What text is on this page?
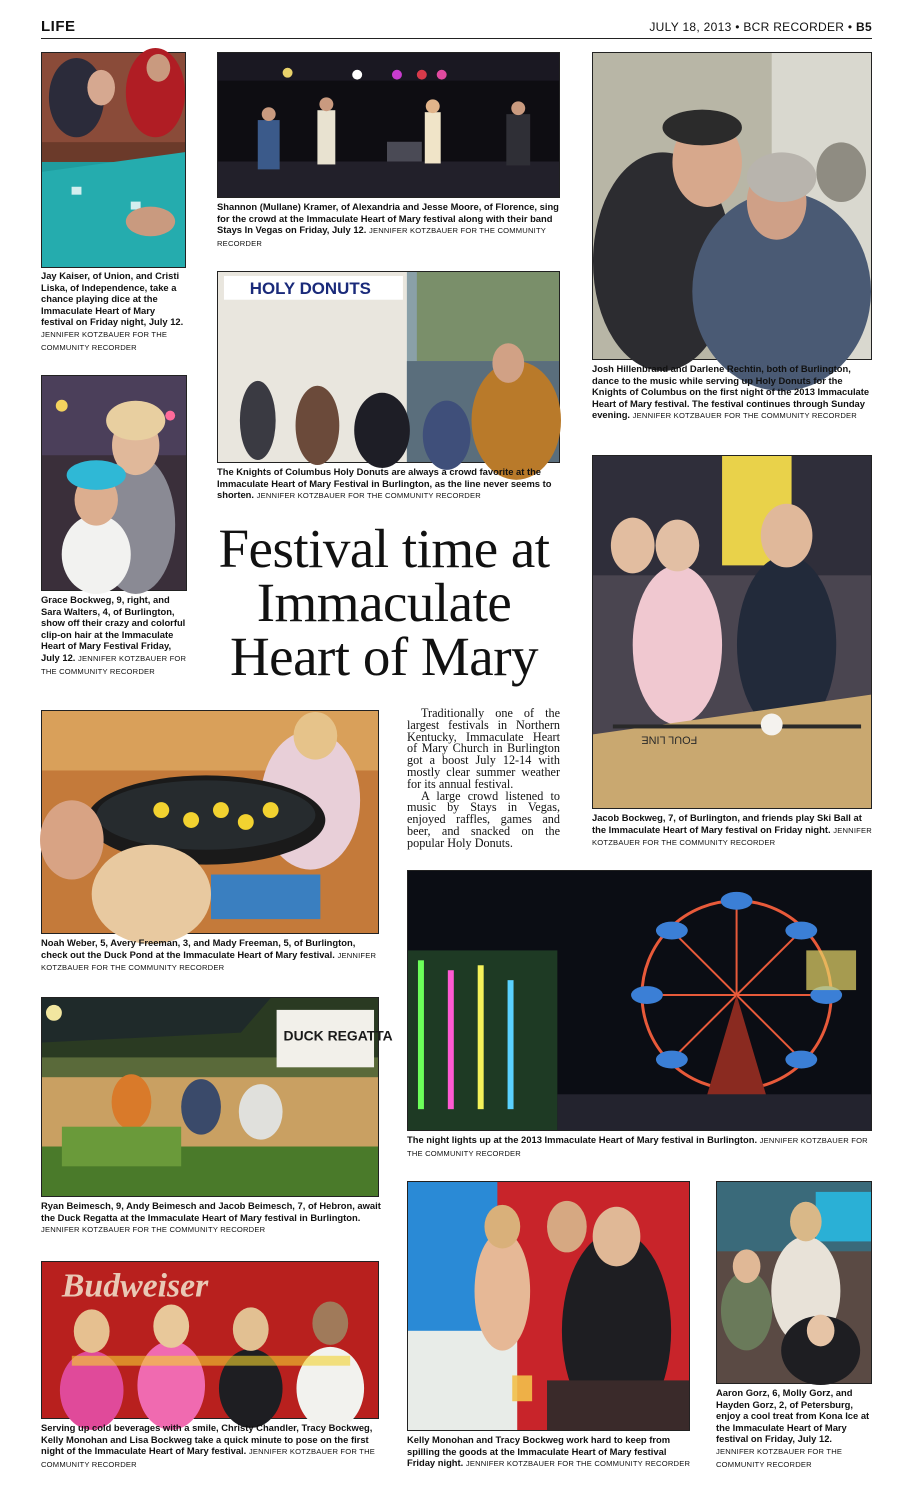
LIFE	JULY 18, 2013 • BCR RECORDER • B5
Jay Kaiser, of Union, and Cristi Liska, of Independence, take a chance playing dice at the Immaculate Heart of Mary festival on Friday night, July 12. JENNIFER KOTZBAUER FOR THE COMMUNITY RECORDER
Shannon (Mullane) Kramer, of Alexandria and Jesse Moore, of Florence, sing for the crowd at the Immaculate Heart of Mary festival along with their band Stays In Vegas on Friday, July 12. JENNIFER KOTZBAUER FOR THE COMMUNITY RECORDER
Josh Hillenbrand and Darlene Rechtin, both of Burlington, dance to the music while serving up Holy Donuts for the Knights of Columbus on the first night of the 2013 Immaculate Heart of Mary festival. The festival continues through Sunday evening. JENNIFER KOTZBAUER FOR THE COMMUNITY RECORDER
HOLY DONUTS
The Knights of Columbus Holy Donuts are always a crowd favorite at the Immaculate Heart of Mary Festival in Burlington, as the line never seems to shorten. JENNIFER KOTZBAUER FOR THE COMMUNITY RECORDER
Grace Bockweg, 9, right, and Sara Walters, 4, of Burlington, show off their crazy and colorful clip-on hair at the Immaculate Heart of Mary Festival Friday, July 12. JENNIFER KOTZBAUER FOR THE COMMUNITY RECORDER
FOUL LINE
Jacob Bockweg, 7, of Burlington, and friends play Ski Ball at the Immaculate Heart of Mary festival on Friday night. JENNIFER KOTZBAUER FOR THE COMMUNITY RECORDER
Festival time at Immaculate Heart of Mary

Traditionally one of the largest festivals in Northern Kentucky, Immaculate Heart of Mary Church in Burlington got a boost July 12-14 with mostly clear summer weather for its annual festival.

A large crowd listened to music by Stays in Vegas, enjoyed raffles, games and beer, and snacked on the popular Holy Donuts.

Noah Weber, 5, Avery Freeman, 3, and Mady Freeman, 5, of Burlington, check out the Duck Pond at the Immaculate Heart of Mary festival. JENNIFER KOTZBAUER FOR THE COMMUNITY RECORDER
The night lights up at the 2013 Immaculate Heart of Mary festival in Burlington. JENNIFER KOTZBAUER FOR THE COMMUNITY RECORDER
DUCK REGATTA
Ryan Beimesch, 9, Andy Beimesch and Jacob Beimesch, 7, of Hebron, await the Duck Regatta at the Immaculate Heart of Mary festival in Burlington. JENNIFER KOTZBAUER FOR THE COMMUNITY RECORDER
Budweiser
Serving up cold beverages with a smile, Christy Chandler, Tracy Bockweg, Kelly Monohan and Lisa Bockweg take a quick minute to pose on the first night of the Immaculate Heart of Mary festival. JENNIFER KOTZBAUER FOR THE COMMUNITY RECORDER
Kelly Monohan and Tracy Bockweg work hard to keep from spilling the goods at the Immaculate Heart of Mary festival Friday night. JENNIFER KOTZBAUER FOR THE COMMUNITY RECORDER
Aaron Gorz, 6, Molly Gorz, and Hayden Gorz, 2, of Petersburg, enjoy a cool treat from Kona Ice at the Immaculate Heart of Mary festival on Friday, July 12. JENNIFER KOTZBAUER FOR THE COMMUNITY RECORDER
